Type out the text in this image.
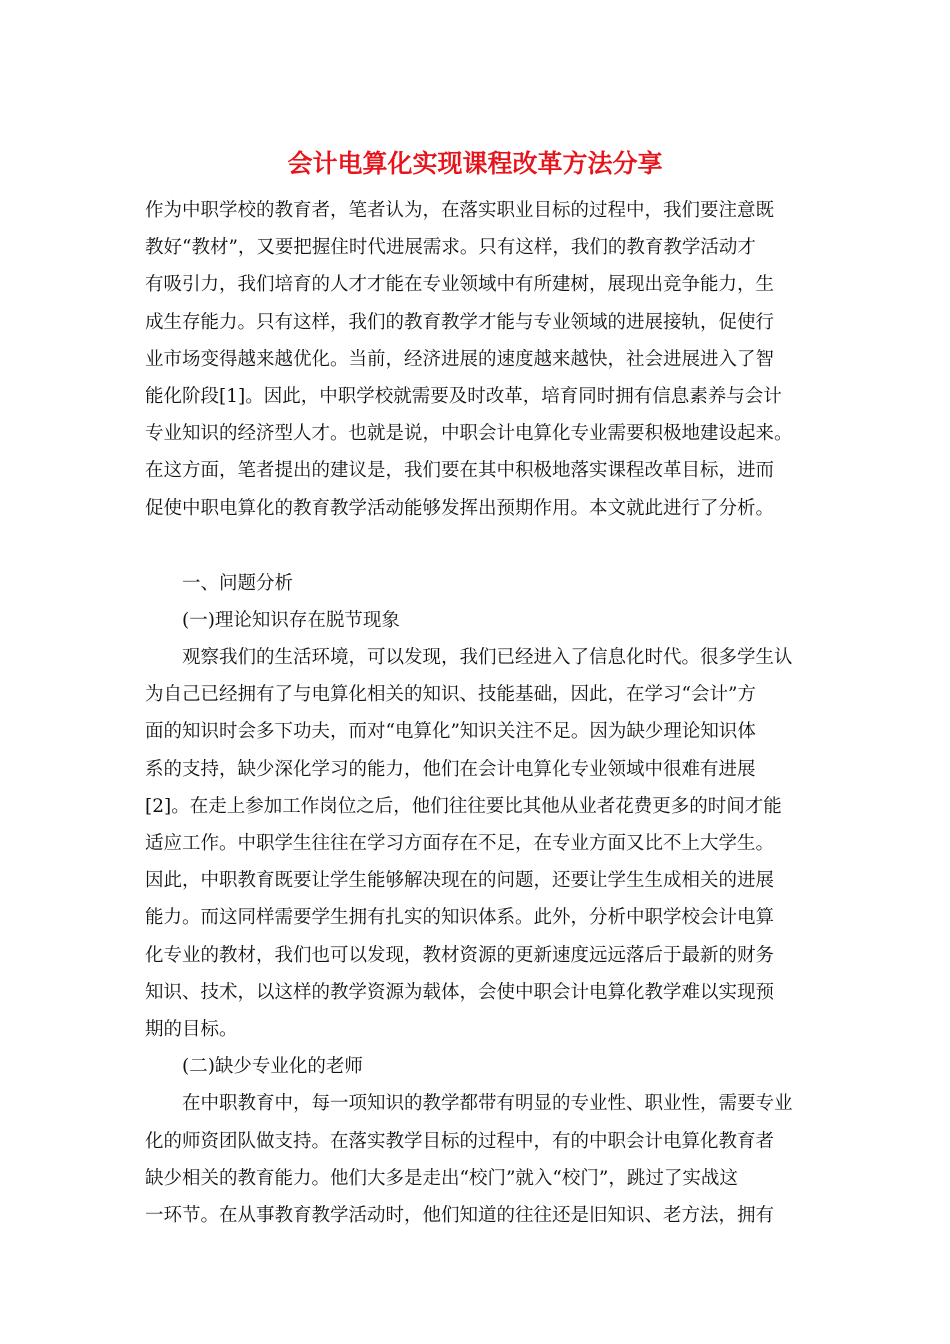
会计电算化实现课程改革方法分享
作为中职学校的教育者，笔者认为，在落实职业目标的过程中，我们要注意既
教好“教材”，又要把握住时代进展需求。只有这样，我们的教育教学活动才
有吸引力，我们培育的人才才能在专业领域中有所建树，展现出竞争能力，生
成生存能力。只有这样，我们的教育教学才能与专业领域的进展接轨，促使行
业市场变得越来越优化。当前，经济进展的速度越来越快，社会进展进入了智
能化阶段[1]。因此，中职学校就需要及时改革，培育同时拥有信息素养与会计
专业知识的经济型人才。也就是说，中职会计电算化专业需要积极地建设起来。
在这方面，笔者提出的建议是，我们要在其中积极地落实课程改革目标，进而
促使中职电算化的教育教学活动能够发挥出预期作用。本文就此进行了分析。
　　一、问题分析
　　(一)理论知识存在脱节现象
　　观察我们的生活环境，可以发现，我们已经进入了信息化时代。很多学生认
为自己已经拥有了与电算化相关的知识、技能基础，因此，在学习“会计”方
面的知识时会多下功夫，而对“电算化”知识关注不足。因为缺少理论知识体
系的支持，缺少深化学习的能力，他们在会计电算化专业领域中很难有进展
[2]。在走上参加工作岗位之后，他们往往要比其他从业者花费更多的时间才能
适应工作。中职学生往往在学习方面存在不足，在专业方面又比不上大学生。
因此，中职教育既要让学生能够解决现在的问题，还要让学生生成相关的进展
能力。而这同样需要学生拥有扎实的知识体系。此外，分析中职学校会计电算
化专业的教材，我们也可以发现，教材资源的更新速度远远落后于最新的财务
知识、技术，以这样的教学资源为载体，会使中职会计电算化教学难以实现预
期的目标。
　　(二)缺少专业化的老师
　　在中职教育中，每一项知识的教学都带有明显的专业性、职业性，需要专业
化的师资团队做支持。在落实教学目标的过程中，有的中职会计电算化教育者
缺少相关的教育能力。他们大多是走出“校门”就入“校门”，跳过了实战这
一环节。在从事教育教学活动时，他们知道的往往还是旧知识、老方法，拥有
